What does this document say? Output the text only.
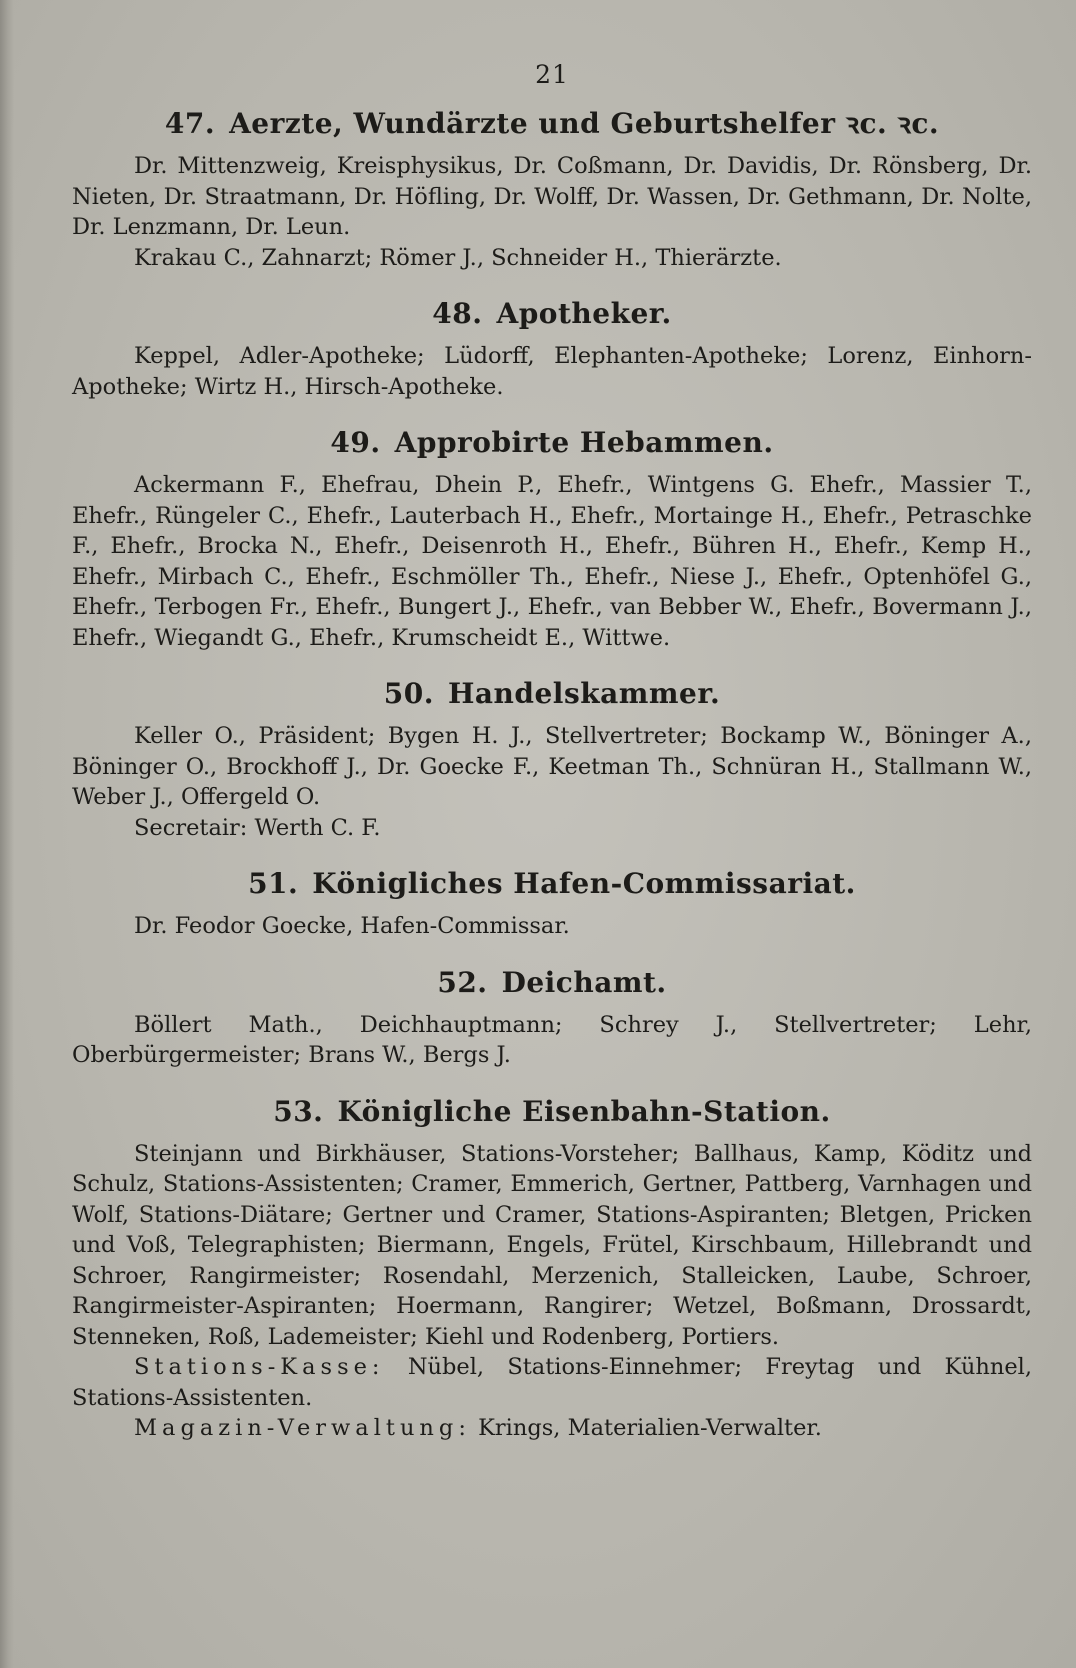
21
47. Aerzte, Wundärzte und Geburtshelfer ꝛc. ꝛc.

Dr. Mittenzweig, Kreisphysikus, Dr. Coßmann, Dr. Davidis, Dr. Rönsberg, Dr. Nieten, Dr. Straatmann, Dr. Höfling, Dr. Wolff, Dr. Wassen, Dr. Gethmann, Dr. Nolte, Dr. Lenzmann, Dr. Leun.

Krakau C., Zahnarzt; Römer J., Schneider H., Thierärzte.

48. Apotheker.

Keppel, Adler-Apotheke; Lüdorff, Elephanten-Apotheke; Lorenz, Einhorn-Apotheke; Wirtz H., Hirsch-Apotheke.

49. Approbirte Hebammen.

Ackermann F., Ehefrau, Dhein P., Ehefr., Wintgens G. Ehefr., Massier T., Ehefr., Rüngeler C., Ehefr., Lauterbach H., Ehefr., Mortainge H., Ehefr., Petraschke F., Ehefr., Brocka N., Ehefr., Deisenroth H., Ehefr., Bühren H., Ehefr., Kemp H., Ehefr., Mirbach C., Ehefr., Eschmöller Th., Ehefr., Niese J., Ehefr., Optenhöfel G., Ehefr., Terbogen Fr., Ehefr., Bungert J., Ehefr., van Bebber W., Ehefr., Bovermann J., Ehefr., Wiegandt G., Ehefr., Krumscheidt E., Wittwe.

50. Handelskammer.

Keller O., Präsident; Bygen H. J., Stellvertreter; Bockamp W., Böninger A., Böninger O., Brockhoff J., Dr. Goecke F., Keetman Th., Schnüran H., Stallmann W., Weber J., Offergeld O.

Secretair: Werth C. F.

51. Königliches Hafen-Commissariat.

Dr. Feodor Goecke, Hafen-Commissar.

52. Deichamt.

Böllert Math., Deichhauptmann; Schrey J., Stellvertreter; Lehr, Oberbürgermeister; Brans W., Bergs J.

53. Königliche Eisenbahn-Station.

Steinjann und Birkhäuser, Stations-Vorsteher; Ballhaus, Kamp, Köditz und Schulz, Stations-Assistenten; Cramer, Emmerich, Gertner, Pattberg, Varnhagen und Wolf, Stations-Diätare; Gertner und Cramer, Stations-Aspiranten; Bletgen, Pricken und Voß, Telegraphisten; Biermann, Engels, Frütel, Kirschbaum, Hillebrandt und Schroer, Rangirmeister; Rosendahl, Merzenich, Stalleicken, Laube, Schroer, Rangirmeister-Aspiranten; Hoermann, Rangirer; Wetzel, Boßmann, Drossardt, Stenneken, Roß, Lademeister; Kiehl und Rodenberg, Portiers.

Stations-Kasse: Nübel, Stations-Einnehmer; Freytag und Kühnel, Stations-Assistenten.

Magazin-Verwaltung: Krings, Materialien-Verwalter.
